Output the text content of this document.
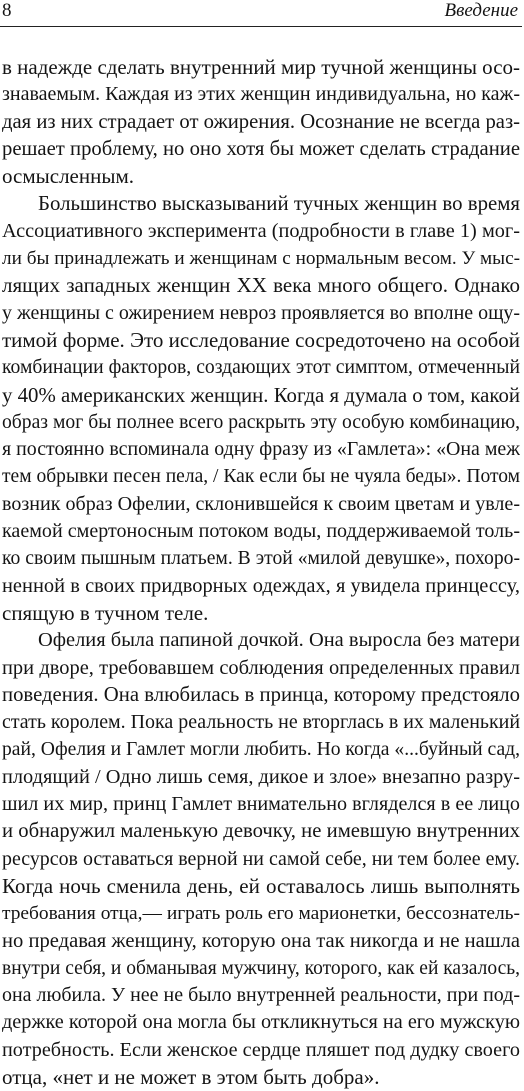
8	Введение
в надежде сделать внутренний мир тучной женщины осо-
знаваемым. Каждая из этих женщин индивидуальна, но каж-
дая из них страдает от ожирения. Осознание не всегда раз-
решает проблему, но оно хотя бы может сделать страдание
осмысленным.
Большинство высказываний тучных женщин во время
Ассоциативного эксперимента (подробности в главе 1) мог-
ли бы принадлежать и женщинам с нормальным весом. У мыс-
лящих западных женщин XX века много общего. Однако
у женщины с ожирением невроз проявляется во вполне ощу-
тимой форме. Это исследование сосредоточено на особой
комбинации факторов, создающих этот симптом, отмеченный
у 40% американских женщин. Когда я думала о том, какой
образ мог бы полнее всего раскрыть эту особую комбинацию,
я постоянно вспоминала одну фразу из «Гамлета»: «Она меж
тем обрывки песен пела, / Как если бы не чуяла беды». Потом
возник образ Офелии, склонившейся к своим цветам и увле-
каемой смертоносным потоком воды, поддерживаемой толь-
ко своим пышным платьем. В этой «милой девушке», похоро-
ненной в своих придворных одеждах, я увидела принцессу,
спящую в тучном теле.
Офелия была папиной дочкой. Она выросла без матери
при дворе, требовавшем соблюдения определенных правил
поведения. Она влюбилась в принца, которому предстояло
стать королем. Пока реальность не вторглась в их маленький
рай, Офелия и Гамлет могли любить. Но когда «...буйный сад,
плодящий / Одно лишь семя, дикое и злое» внезапно разру-
шил их мир, принц Гамлет внимательно вгляделся в ее лицо
и обнаружил маленькую девочку, не имевшую внутренних
ресурсов оставаться верной ни самой себе, ни тем более ему.
Когда ночь сменила день, ей оставалось лишь выполнять
требования отца,— играть роль его марионетки, бессознатель-
но предавая женщину, которую она так никогда и не нашла
внутри себя, и обманывая мужчину, которого, как ей казалось,
она любила. У нее не было внутренней реальности, при под-
держке которой она могла бы откликнуться на его мужскую
потребность. Если женское сердце пляшет под дудку своего
отца, «нет и не может в этом быть добра».
